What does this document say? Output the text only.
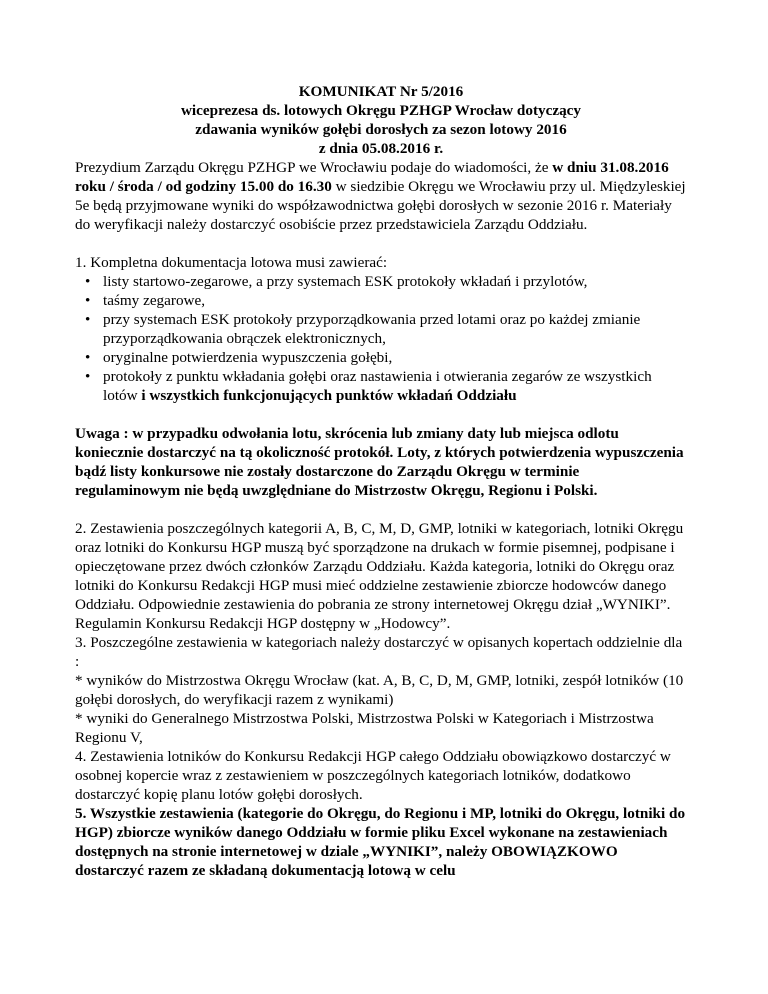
KOMUNIKAT Nr 5/2016
wiceprezesa ds. lotowych Okręgu PZHGP Wrocław dotyczący
zdawania wyników gołębi dorosłych za sezon lotowy 2016
z dnia 05.08.2016 r.

Prezydium Zarządu Okręgu PZHGP we Wrocławiu podaje do wiadomości, że w dniu 31.08.2016 roku / środa / od godziny 15.00 do 16.30 w siedzibie Okręgu we Wrocławiu przy ul. Międzyleskiej 5e będą przyjmowane wyniki do współzawodnictwa gołębi dorosłych w sezonie 2016 r. Materiały do weryfikacji należy dostarczyć osobiście przez przedstawiciela Zarządu Oddziału.

1. Kompletna dokumentacja lotowa musi zawierać:

• listy startowo-zegarowe, a przy systemach ESK protokoły wkładań i przylotów,
• taśmy zegarowe,
• przy systemach ESK protokoły przyporządkowania przed lotami oraz po każdej zmianie przyporządkowania obrączek elektronicznych,
• oryginalne potwierdzenia wypuszczenia gołębi,
• protokoły z punktu wkładania gołębi oraz nastawienia i otwierania zegarów ze wszystkich lotów i wszystkich funkcjonujących punktów wkładań Oddziału

Uwaga : w przypadku odwołania lotu, skrócenia lub zmiany daty lub miejsca odlotu koniecznie dostarczyć na tą okoliczność protokół. Loty, z których potwierdzenia wypuszczenia bądź listy konkursowe nie zostały dostarczone do Zarządu Okręgu w terminie regulaminowym nie będą uwzględniane do Mistrzostw Okręgu, Regionu i Polski.

2. Zestawienia poszczególnych kategorii A, B, C, M, D, GMP, lotniki w kategoriach, lotniki Okręgu oraz lotniki do Konkursu HGP muszą być sporządzone na drukach w formie pisemnej, podpisane i opieczętowane przez dwóch członków Zarządu Oddziału. Każda kategoria, lotniki do Okręgu oraz lotniki do Konkursu Redakcji HGP musi mieć oddzielne zestawienie zbiorcze hodowców danego Oddziału. Odpowiednie zestawienia do pobrania ze strony internetowej Okręgu dział „WYNIKI”. Regulamin Konkursu Redakcji HGP dostępny w „Hodowcy”.

3. Poszczególne zestawienia w kategoriach należy dostarczyć w opisanych kopertach oddzielnie dla :

* wyników do Mistrzostwa Okręgu Wrocław (kat. A, B, C, D, M, GMP, lotniki, zespół lotników (10 gołębi dorosłych, do weryfikacji razem z wynikami)

* wyniki do Generalnego Mistrzostwa Polski, Mistrzostwa Polski w Kategoriach i Mistrzostwa Regionu V,

4. Zestawienia lotników do Konkursu Redakcji HGP całego Oddziału obowiązkowo dostarczyć w osobnej kopercie wraz z zestawieniem w poszczególnych kategoriach lotników, dodatkowo dostarczyć kopię planu lotów gołębi dorosłych.

5. Wszystkie zestawienia (kategorie do Okręgu, do Regionu i MP, lotniki do Okręgu, lotniki do HGP) zbiorcze wyników danego Oddziału w formie pliku Excel wykonane na zestawieniach dostępnych na stronie internetowej w dziale „WYNIKI”, należy OBOWIĄZKOWO dostarczyć razem ze składaną dokumentacją lotową w celu
